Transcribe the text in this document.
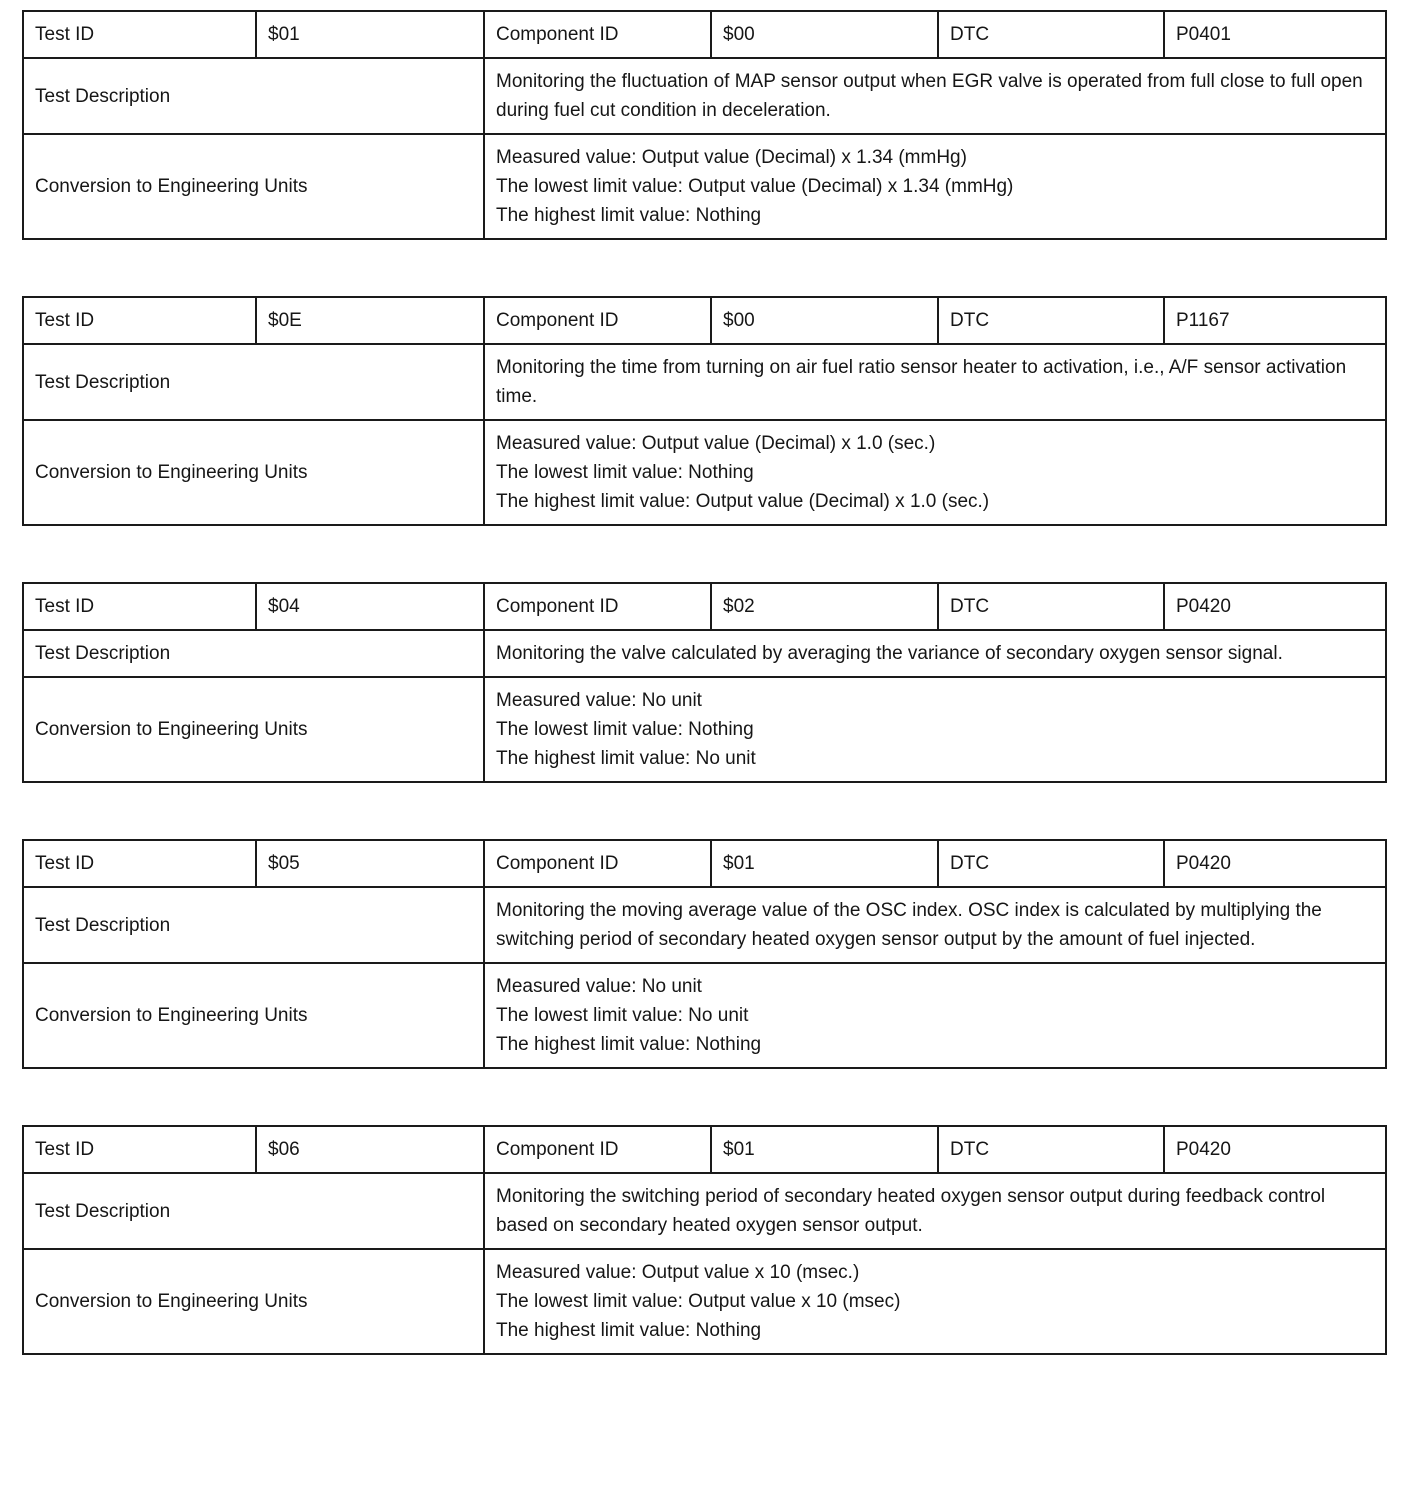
Test ID	$01	Component ID	$00	DTC	P0401
Test Description		Monitoring the fluctuation of MAP sensor output when EGR valve is operated from full close to full open during fuel cut condition in deceleration.			
Conversion to Engineering Units		Measured value: Output value (Decimal) x 1.34 (mmHg)
The lowest limit value: Output value (Decimal) x 1.34 (mmHg)
The highest limit value: Nothing			
Test ID	$0E	Component ID	$00	DTC	P1167
Test Description		Monitoring the time from turning on air fuel ratio sensor heater to activation, i.e., A/F sensor activation time.			
Conversion to Engineering Units		Measured value: Output value (Decimal) x 1.0 (sec.)
The lowest limit value: Nothing
The highest limit value: Output value (Decimal) x 1.0 (sec.)			
Test ID	$04	Component ID	$02	DTC	P0420
Test Description		Monitoring the valve calculated by averaging the variance of secondary oxygen sensor signal.			
Conversion to Engineering Units		Measured value: No unit
The lowest limit value: Nothing
The highest limit value: No unit			
Test ID	$05	Component ID	$01	DTC	P0420
Test Description		Monitoring the moving average value of the OSC index. OSC index is calculated by multiplying the switching period of secondary heated oxygen sensor output by the amount of fuel injected.			
Conversion to Engineering Units		Measured value: No unit
The lowest limit value: No unit
The highest limit value: Nothing			
Test ID	$06	Component ID	$01	DTC	P0420
Test Description		Monitoring the switching period of secondary heated oxygen sensor output during feedback control based on secondary heated oxygen sensor output.			
Conversion to Engineering Units		Measured value: Output value x 10 (msec.)
The lowest limit value: Output value x 10 (msec)
The highest limit value: Nothing			
